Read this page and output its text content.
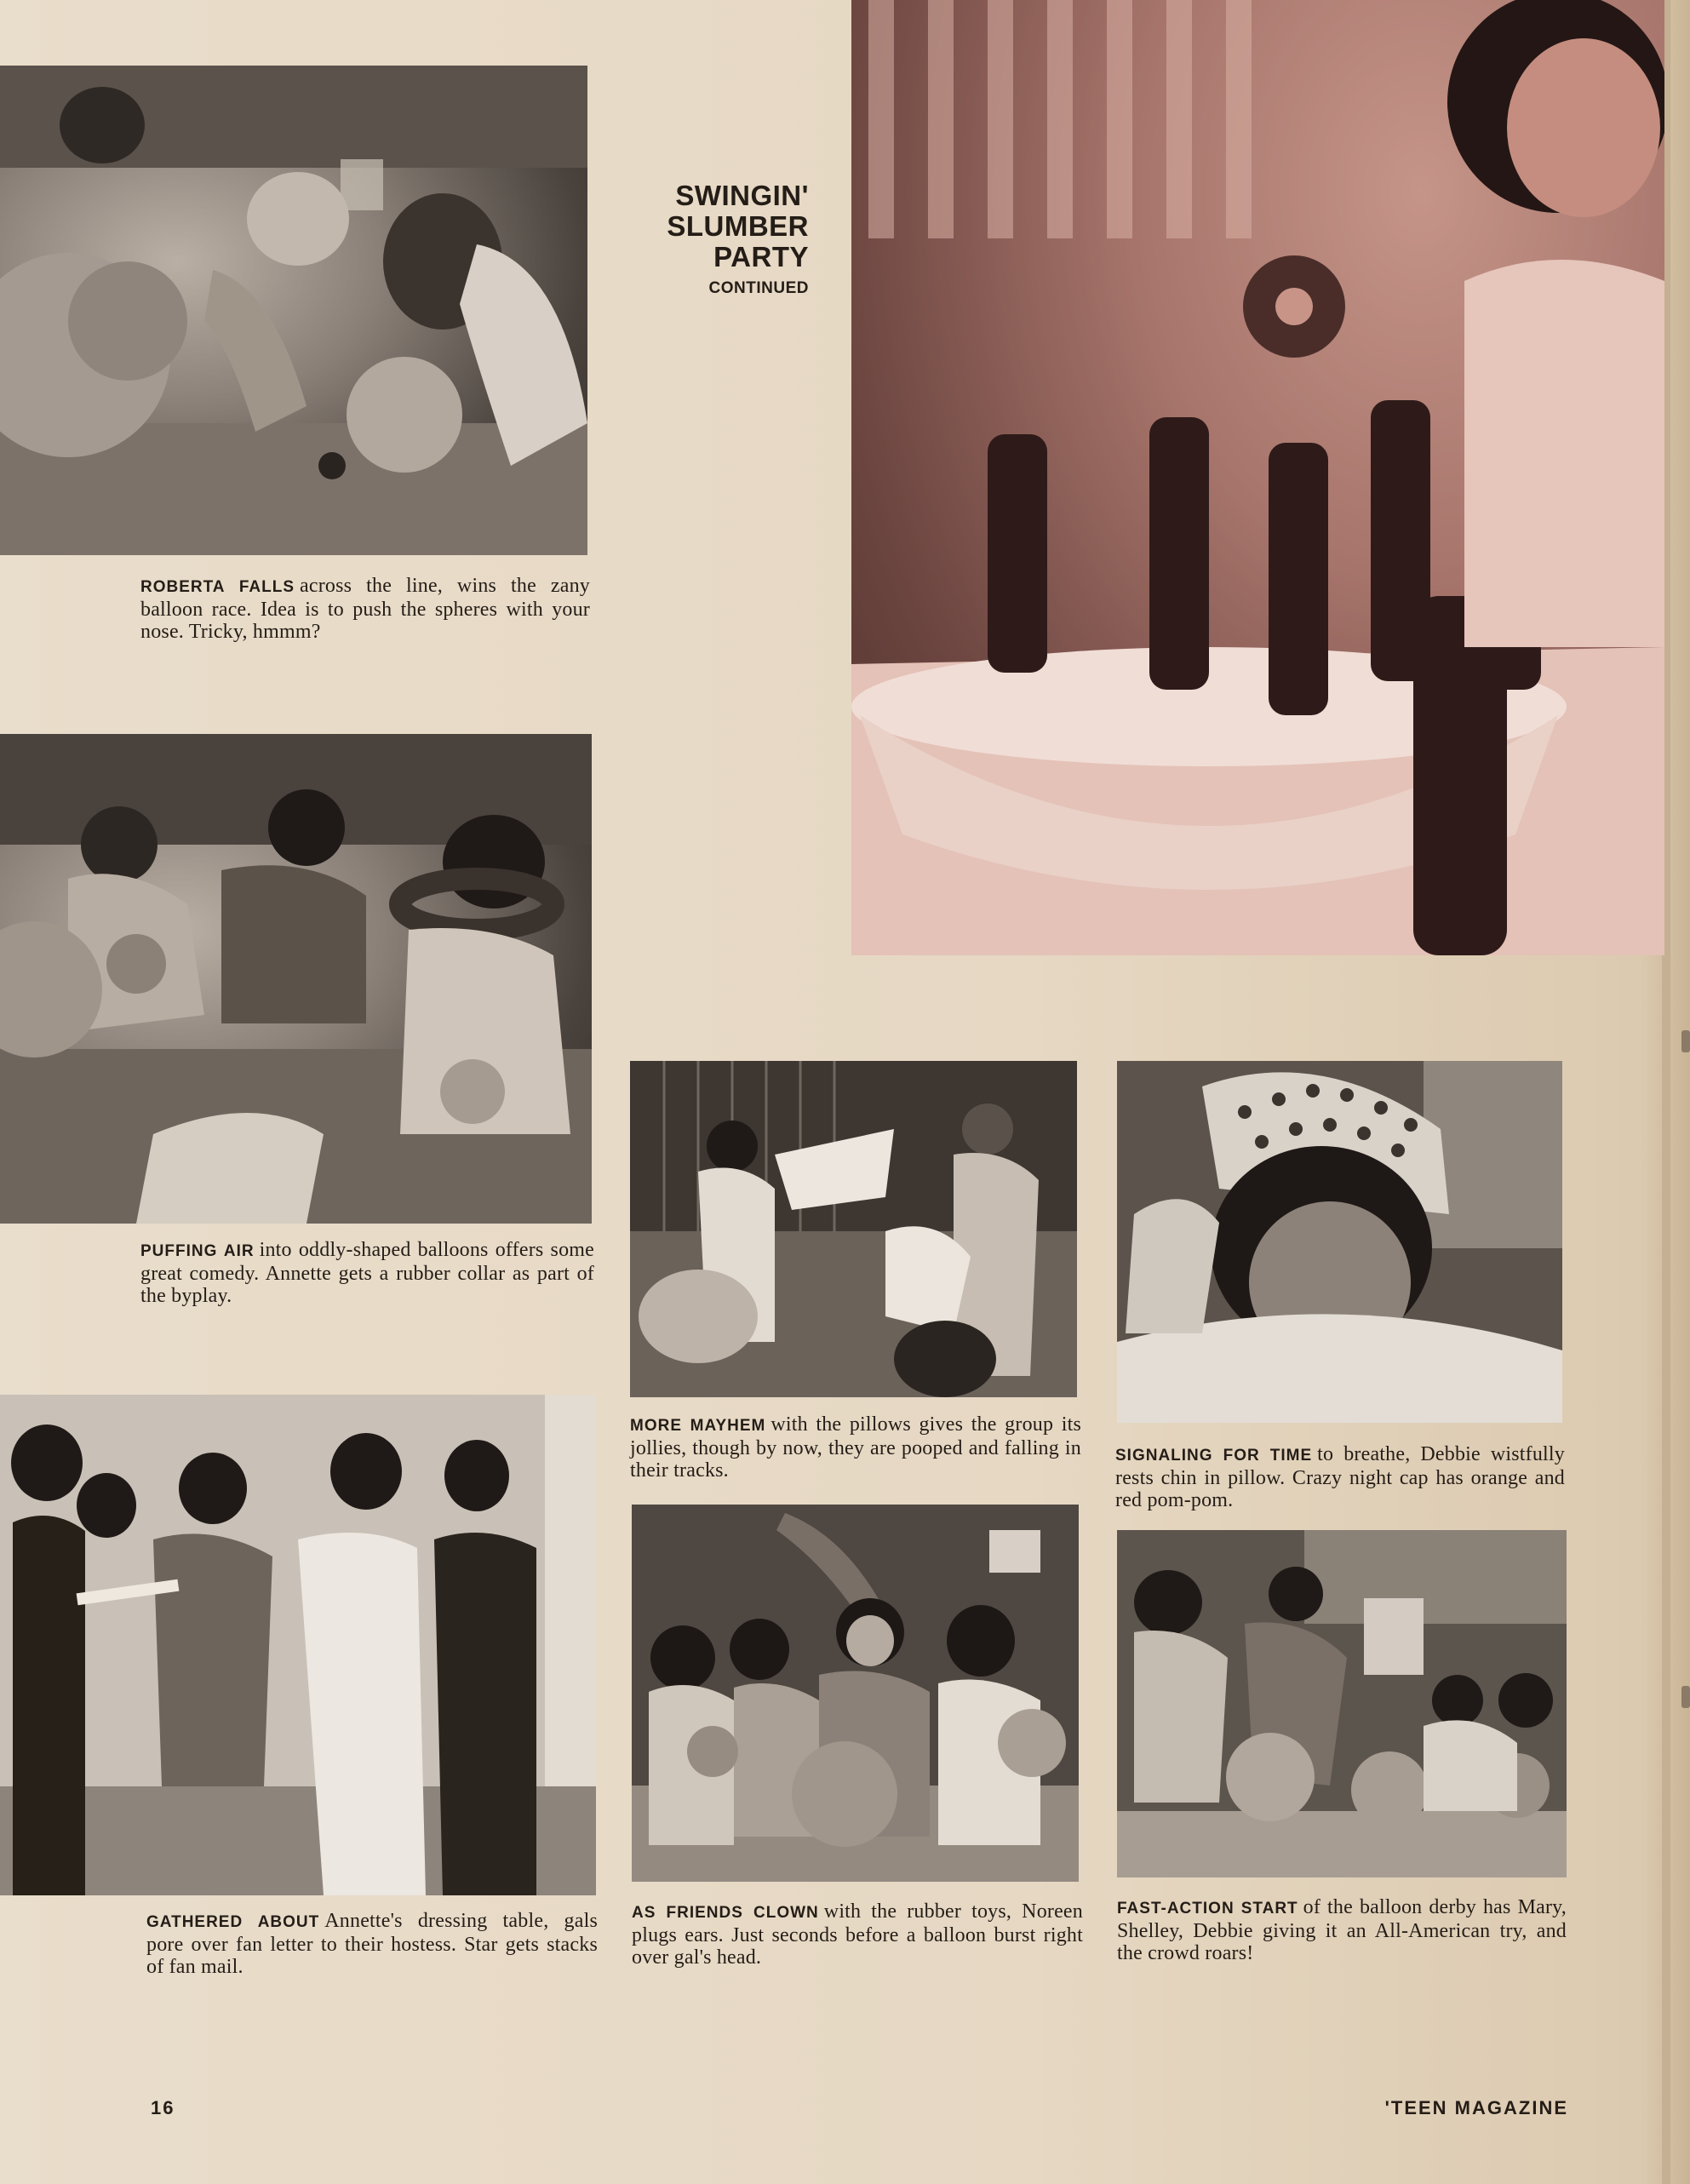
SWINGIN'
SLUMBER
PARTY
CONTINUED
ROBERTA FALLS across the line, wins the zany balloon race. Idea is to push the spheres with your nose. Tricky, hmmm?
PUFFING AIR into oddly-shaped balloons offers some great comedy. Annette gets a rubber collar as part of the byplay.
GATHERED ABOUT Annette's dressing table, gals pore over fan letter to their hostess. Star gets stacks of fan mail.
MORE MAYHEM with the pillows gives the group its jollies, though by now, they are pooped and falling in their tracks.
SIGNALING FOR TIME to breathe, Debbie wistfully rests chin in pillow. Crazy night cap has orange and red pom-pom.
AS FRIENDS CLOWN with the rubber toys, Noreen plugs ears. Just seconds before a balloon burst right over gal's head.
FAST-ACTION START of the balloon derby has Mary, Shelley, Debbie giving it an All-American try, and the crowd roars!
16	'TEEN MAGAZINE
